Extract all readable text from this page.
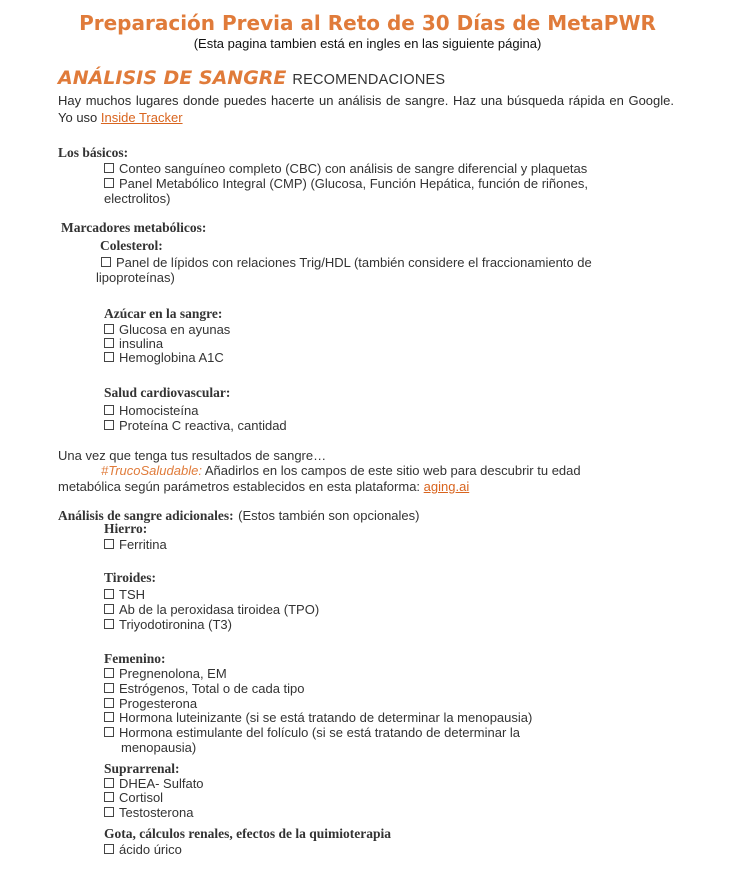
Preparación Previa al Reto de 30 Días de MetaPWR
(Esta pagina tambien está en ingles en las siguiente página)
ANÁLISIS DE SANGRE RECOMENDACIONES
Hay muchos lugares donde puedes hacerte un análisis de sangre. Haz una búsqueda rápida en Google. Yo uso Inside Tracker
Los básicos:
Conteo sanguíneo completo (CBC) con análisis de sangre diferencial y plaquetas
Panel Metabólico Integral (CMP) (Glucosa, Función Hepática, función de riñones,
electrolitos)
Marcadores metabólicos:
Colesterol:
Panel de lípidos con relaciones Trig/HDL (también considere el fraccionamiento de
lipoproteínas)
Azúcar en la sangre:
Glucosa en ayunas
insulina
Hemoglobina A1C
Salud cardiovascular:
Homocisteína
Proteína C reactiva, cantidad
Una vez que tenga tus resultados de sangre…
#TrucoSaludable: Añadirlos en los campos de este sitio web para descubrir tu edad
metabólica según parámetros establecidos en esta plataforma: aging.ai
Análisis de sangre adicionales: (Estos también son opcionales)
Hierro:
Ferritina
Tiroides:
TSH
Ab de la peroxidasa tiroidea (TPO)
Triyodotironina (T3)
Femenino:
Pregnenolona, EM
Estrógenos, Total o de cada tipo
Progesterona
Hormona luteinizante (si se está tratando de determinar la menopausia)
Hormona estimulante del folículo (si se está tratando de determinar la
menopausia)
Suprarrenal:
DHEA- Sulfato
Cortisol
Testosterona
Gota, cálculos renales, efectos de la quimioterapia
ácido úrico
